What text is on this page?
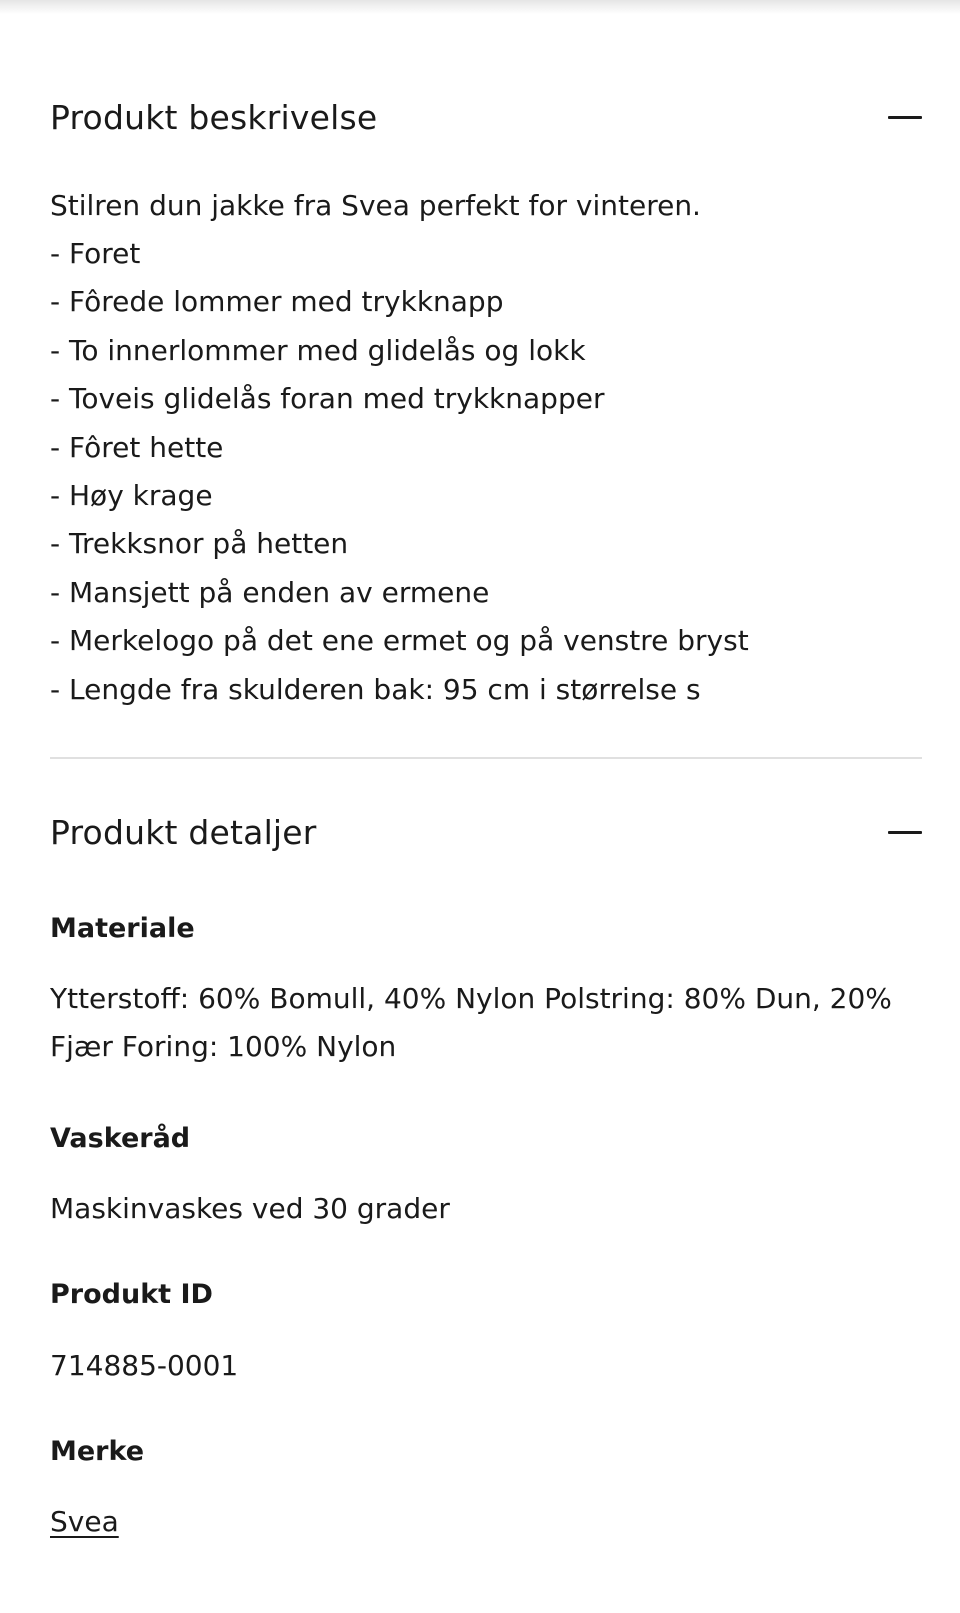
Produkt beskrivelse
Stilren dun jakke fra Svea perfekt for vinteren.
- Foret
- Fôrede lommer med trykknapp
- To innerlommer med glidelås og lokk
- Toveis glidelås foran med trykknapper
- Fôret hette
- Høy krage
- Trekksnor på hetten
- Mansjett på enden av ermene
- Merkelogo på det ene ermet og på venstre bryst
- Lengde fra skulderen bak: 95 cm i størrelse s
Produkt detaljer

Materiale

Ytterstoff: 60% Bomull, 40% Nylon Polstring: 80% Dun, 20% Fjær Foring: 100% Nylon

Vaskeråd

Maskinvaskes ved 30 grader

Produkt ID

714885-0001

Merke

Svea
